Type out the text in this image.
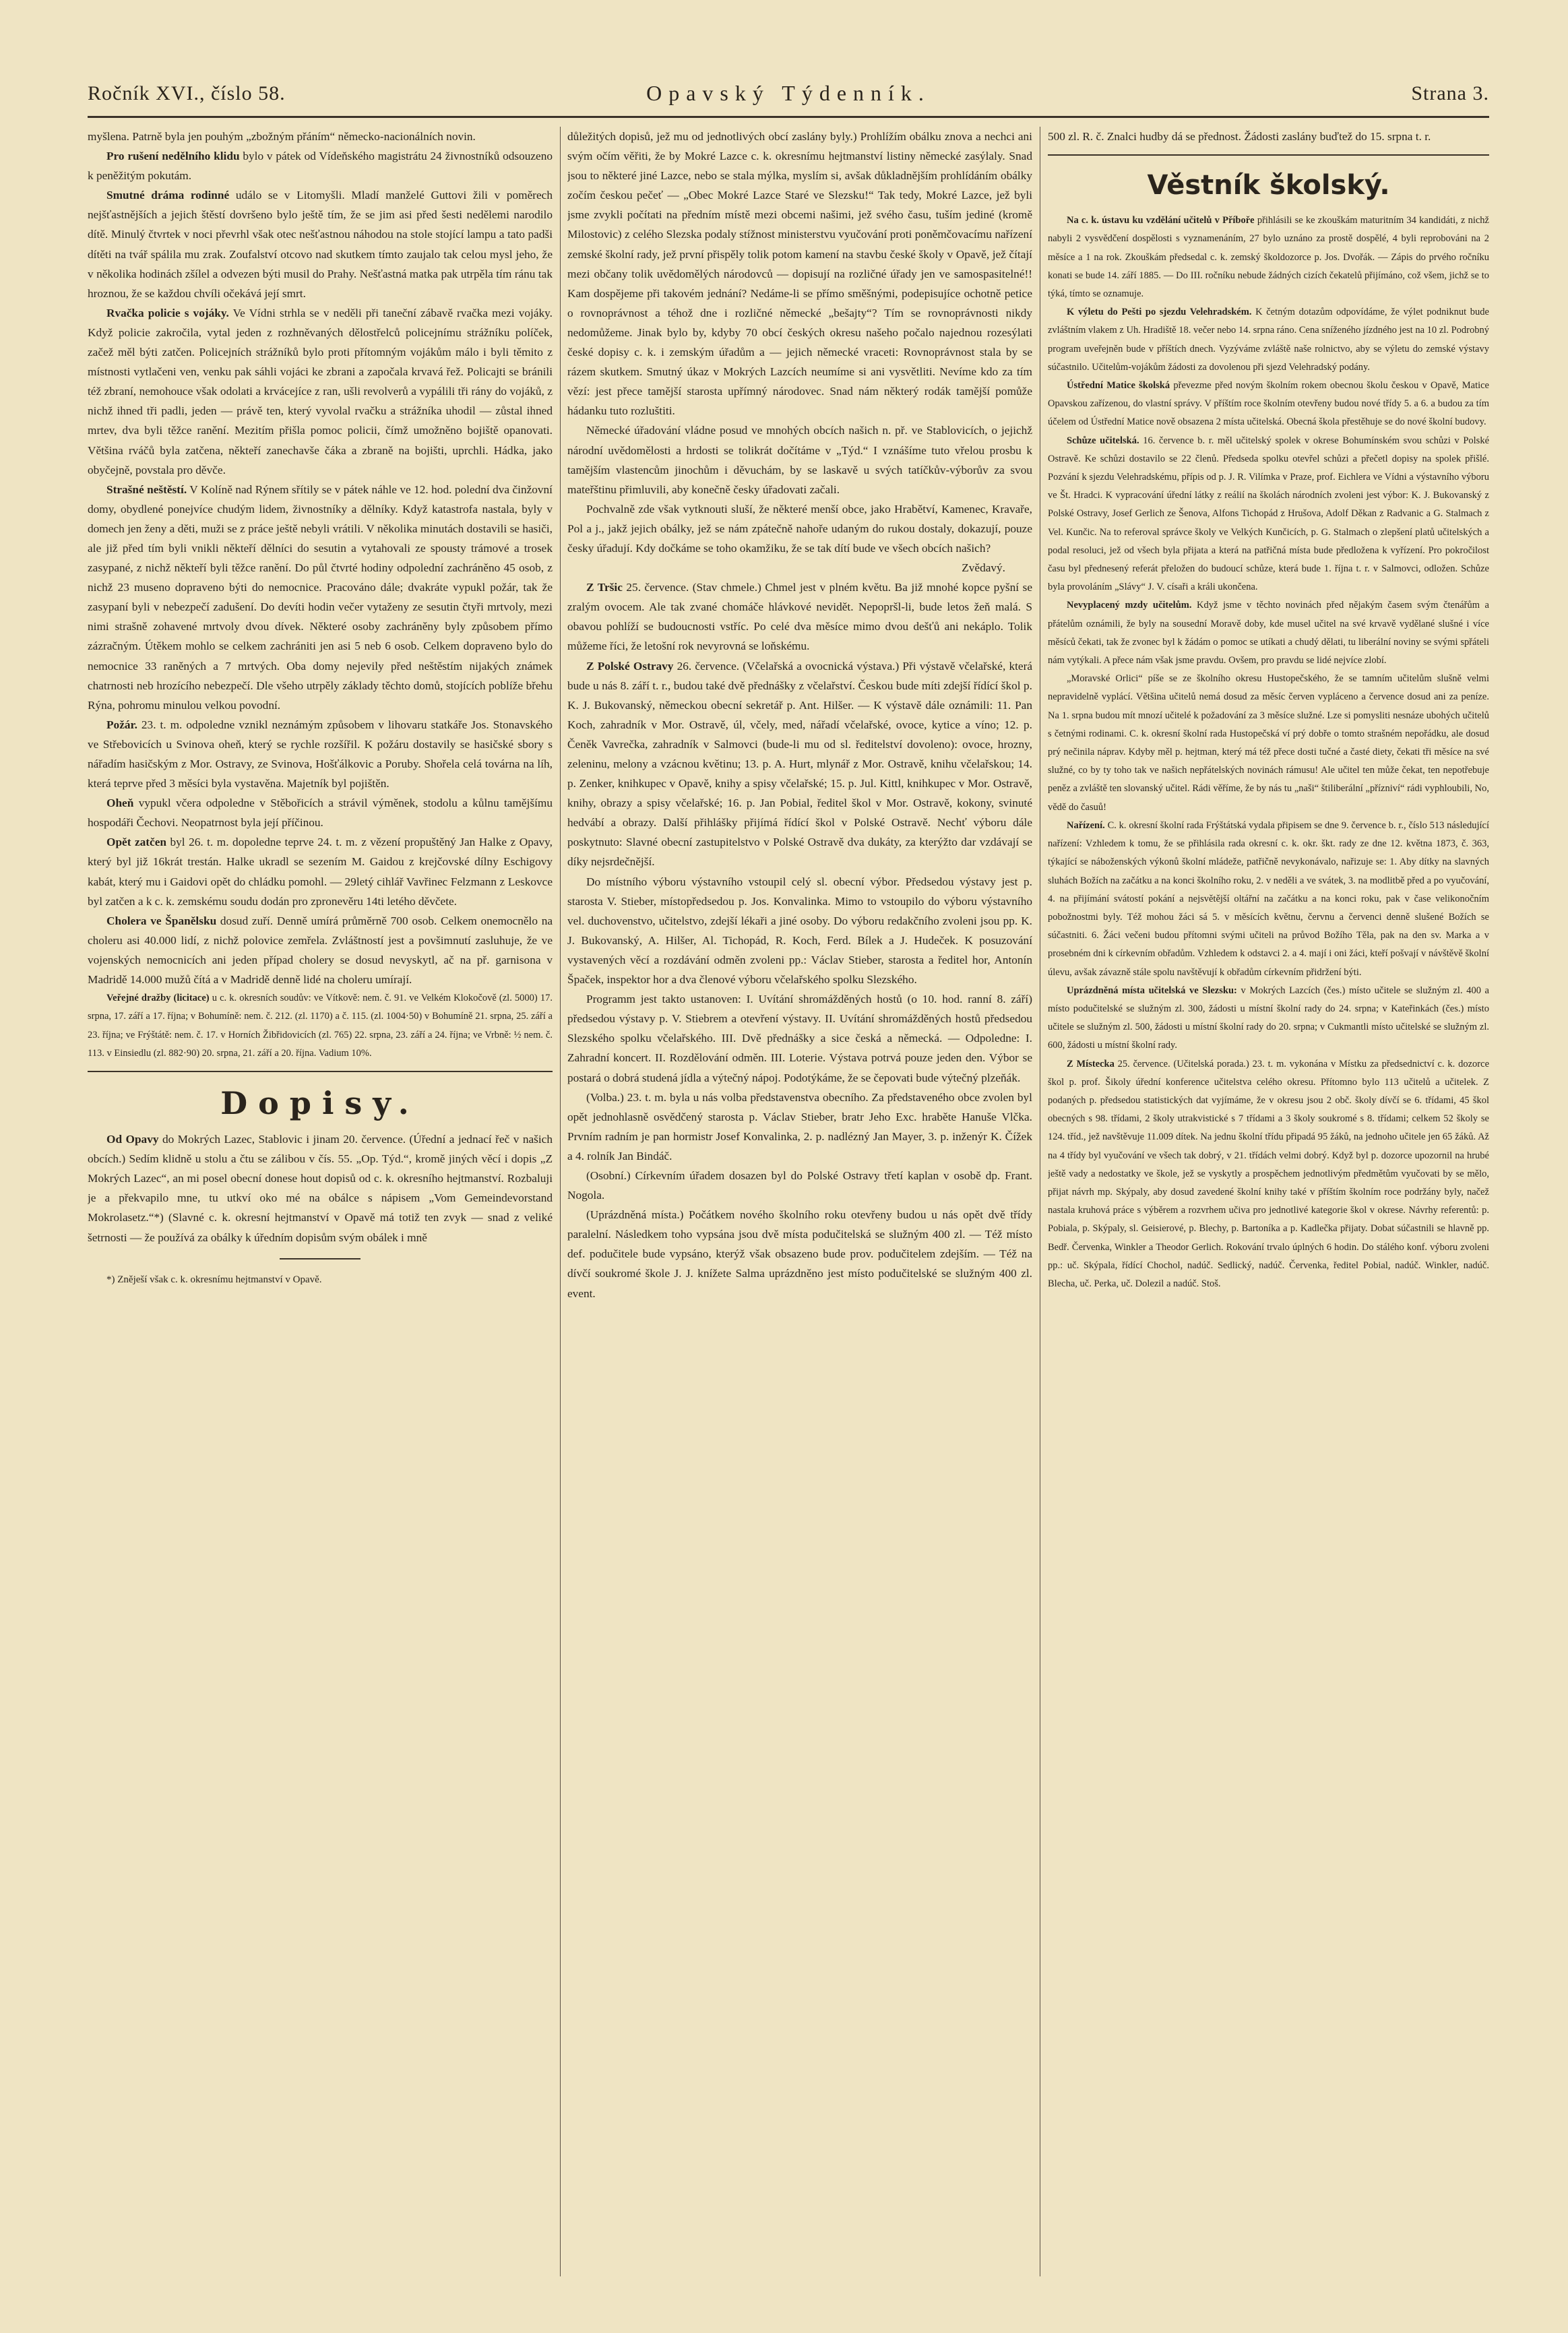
Ročník XVI., číslo 58.	Opavský Týdenník.	Strana 3.

myšlena. Patrně byla jen pouhým „zbožným přáním“ německo-nacionálních novin.

Pro rušení nedělního klidu bylo v pátek od Vídeňského magistrátu 24 živnostníků odsouzeno k peněžitým pokutám.

Smutné dráma rodinné událo se v Litomyšli. Mladí manželé Guttovi žili v poměrech nejšťastnějších a jejich štěstí dovršeno bylo ještě tím, že se jim asi před šesti nedělemi narodilo dítě. Minulý čtvrtek v noci převrhl však otec nešťastnou náhodou na stole stojící lampu a tato padši dítěti na tvář spálila mu zrak. Zoufalství otcovo nad skutkem tímto zaujalo tak celou mysl jeho, že v několika hodinách zšílel a odvezen býti musil do Prahy. Nešťastná matka pak utrpěla tím ránu tak hroznou, že se každou chvíli očekává její smrt.

Rvačka policie s vojáky. Ve Vídni strhla se v neděli při taneční zábavě rvačka mezi vojáky. Když policie zakročila, vytal jeden z rozhněvaných dělostřelců policejnímu strážníku políček, začež měl býti zatčen. Policejních strážníků bylo proti přítomným vojákům málo i byli těmito z místnosti vytlačeni ven, venku pak sáhli vojáci ke zbrani a započala krvavá řež. Policajti se bránili též zbraní, nemohouce však odolati a krvácejíce z ran, ušli revolverů a vypálili tři rány do vojáků, z nichž ihned tři padli, jeden — právě ten, který vyvolal rvačku a strážníka uhodil — zůstal ihned mrtev, dva byli těžce ranění. Mezitím přišla pomoc policii, čímž umožněno bojiště opanovati. Většina rváčů byla zatčena, někteří zanechavše čáka a zbraně na bojišti, uprchli. Hádka, jako obyčejně, povstala pro děvče.

Strašné neštěstí. V Kolíně nad Rýnem sřítily se v pátek náhle ve 12. hod. polední dva činžovní domy, obydlené ponejvíce chudým lidem, živnostníky a dělníky. Když katastrofa nastala, byly v domech jen ženy a děti, muži se z práce ještě nebyli vrátili. V několika minutách dostavili se hasiči, ale již před tím byli vnikli někteří dělníci do sesutin a vytahovali ze spousty trámové a trosek zasypané, z nichž někteří byli těžce ranění. Do půl čtvrté hodiny odpolední zachráněno 45 osob, z nichž 23 museno dopraveno býti do nemocnice. Pracováno dále; dvakráte vypukl požár, tak že zasypaní byli v nebezpečí zadušení. Do devíti hodin večer vytaženy ze sesutin čtyři mrtvoly, mezi nimi strašně zohavené mrtvoly dvou dívek. Některé osoby zachráněny byly způsobem přímo zázračným. Útěkem mohlo se celkem zachrániti jen asi 5 neb 6 osob. Celkem dopraveno bylo do nemocnice 33 raněných a 7 mrtvých. Oba domy nejevily před neštěstím nijakých známek chatrnosti neb hrozícího nebezpečí. Dle všeho utrpěly základy těchto domů, stojících poblíže břehu Rýna, pohromu minulou velkou povodní.

Požár. 23. t. m. odpoledne vznikl neznámým způsobem v lihovaru statkáře Jos. Stonavského ve Střebovicích u Svinova oheň, který se rychle rozšířil. K požáru dostavily se hasičské sbory s nářadím hasičským z Mor. Ostravy, ze Svinova, Hošťálkovic a Poruby. Shořela celá továrna na líh, která teprve před 3 měsíci byla vystavěna. Majetník byl pojištěn.

Oheň vypukl včera odpoledne v Stěbořicích a strávil výměnek, stodolu a kůlnu tamějšímu hospodáři Čechovi. Neopatrnost byla její příčinou.

Opět zatčen byl 26. t. m. dopoledne teprve 24. t. m. z vězení propuštěný Jan Halke z Opavy, který byl již 16krát trestán. Halke ukradl se sezením M. Gaidou z krejčovské dílny Eschigovy kabát, který mu i Gaidovi opět do chládku pomohl. — 29letý cihlář Vavřinec Felzmann z Leskovce byl zatčen a k c. k. zemskému soudu dodán pro zpronevěru 14ti letého děvčete.

Cholera ve Španělsku dosud zuří. Denně umírá průměrně 700 osob. Celkem onemocnělo na choleru asi 40.000 lidí, z nichž polovice zemřela. Zvláštností jest a povšimnutí zasluhuje, že ve vojenských nemocnicích ani jeden případ cholery se dosud nevyskytl, ač na př. garnisona v Madridě 14.000 mužů čítá a v Madridě denně lidé na choleru umírají.

Veřejné dražby (licitace) u c. k. okresních soudův: ve Vítkově: nem. č. 91. ve Velkém Klokočově (zl. 5000) 17. srpna, 17. září a 17. října; v Bohumíně: nem. č. 212. (zl. 1170) a č. 115. (zl. 1004·50) v Bohumíně 21. srpna, 25. září a 23. října; ve Frýštátě: nem. č. 17. v Horních Žibřidovicích (zl. 765) 22. srpna, 23. září a 24. října; ve Vrbně: ½ nem. č. 113. v Einsiedlu (zl. 882·90) 20. srpna, 21. září a 20. října. Vadium 10%.

Dopisy.

Od Opavy do Mokrých Lazec, Stablovic i jinam 20. července. (Úřední a jednací řeč v našich obcích.) Sedím klidně u stolu a čtu se zálibou v čís. 55. „Op. Týd.“, kromě jiných věcí i dopis „Z Mokrých Lazec“, an mi posel obecní donese hout dopisů od c. k. okresního hejtmanství. Rozbaluji je a překvapilo mne, tu utkví oko mé na obálce s nápisem „Vom Gemeindevorstand Mokrolasetz.“*) (Slavné c. k. okresní hejtmanství v Opavě má totiž ten zvyk — snad z veliké šetrnosti — že používá za obálky k úředním dopisům svým obálek i mně

*) Zněješí však c. k. okresnímu hejtmanství v Opavě.

důležitých dopisů, jež mu od jednotlivých obcí zaslány byly.) Prohlížím obálku znova a nechci ani svým očím věřiti, že by Mokré Lazce c. k. okresnímu hejtmanství listiny německé zasýlaly. Snad jsou to některé jiné Lazce, nebo se stala mýlka, myslím si, avšak důkladnějším prohlídáním obálky zočím českou pečeť — „Obec Mokré Lazce Staré ve Slezsku!“ Tak tedy, Mokré Lazce, jež byli jsme zvykli počítati na předním místě mezi obcemi našimi, jež svého času, tuším jediné (kromě Milostovic) z celého Slezska podaly stížnost ministerstvu vyučování proti poněmčovacímu nařízení zemské školní rady, jež první přispěly tolik potom kamení na stavbu české školy v Opavě, jež čítají mezi občany tolik uvědomělých národovců — dopisují na rozličné úřady jen ve samospasitelné!! Kam dospějeme při takovém jednání? Nedáme-li se přímo směšnými, podepisujíce ochotně petice o rovnoprávnost a téhož dne i rozličné německé „bešajty“? Tím se rovnoprávnosti nikdy nedomůžeme. Jinak bylo by, kdyby 70 obcí českých okresu našeho počalo najednou rozesýlati české dopisy c. k. i zemským úřadům a — jejich německé vraceti: Rovnoprávnost stala by se rázem skutkem. Smutný úkaz v Mokrých Lazcích neumíme si ani vysvětliti. Nevíme kdo za tím vězí: jest přece tamější starosta upřímný národovec. Snad nám některý rodák tamější pomůže hádanku tuto rozluštiti.

Německé úřadování vládne posud ve mnohých obcích našich n. př. ve Stablovicích, o jejichž národní uvědomělosti a hrdosti se tolikrát dočítáme v „Týd.“ I vznášíme tuto vřelou prosbu k tamějším vlastencům jinochům i děvuchám, by se laskavě u svých tatíčkův-výborův za svou mateřštinu přimluvili, aby konečně česky úřadovati začali.

Pochvalně zde však vytknouti sluší, že některé menší obce, jako Hrabětví, Kamenec, Kravaře, Pol a j., jakž jejich obálky, jež se nám zpátečně nahoře udaným do rukou dostaly, dokazují, pouze česky úřadují. Kdy dočkáme se toho okamžiku, že se tak dítí bude ve všech obcích našich?

Zvědavý.

Z Tršic 25. července. (Stav chmele.) Chmel jest v plném květu. Ba již mnohé kopce pyšní se zralým ovocem. Ale tak zvané chomáče hlávkové nevidět. Nepopršl-li, bude letos žeň malá. S obavou pohlíží se budoucnosti vstříc. Po celé dva měsíce mimo dvou dešťů ani nekáplo. Tolik můžeme říci, že letošní rok nevyrovná se loňskému.

Z Polské Ostravy 26. července. (Včelařská a ovocnická výstava.) Při výstavě včelařské, která bude u nás 8. září t. r., budou také dvě přednášky z včelařství. Českou bude míti zdejší řídící škol p. K. J. Bukovanský, německou obecní sekretář p. Ant. Hilšer. — K výstavě dále oznámili: 11. Pan Koch, zahradník v Mor. Ostravě, úl, včely, med, nářadí včelařské, ovoce, kytice a víno; 12. p. Čeněk Vavrečka, zahradník v Salmovci (bude-li mu od sl. ředitelství dovoleno): ovoce, hrozny, zeleninu, melony a vzácnou květinu; 13. p. A. Hurt, mlynář z Mor. Ostravě, knihu včelařskou; 14. p. Zenker, knihkupec v Opavě, knihy a spisy včelařské; 15. p. Jul. Kittl, knihkupec v Mor. Ostravě, knihy, obrazy a spisy včelařské; 16. p. Jan Pobial, ředitel škol v Mor. Ostravě, kokony, svinuté hedvábí a obrazy. Další přihlášky přijímá řídící škol v Polské Ostravě. Nechť výboru dále poskytnuto: Slavné obecní zastupitelstvo v Polské Ostravě dva dukáty, za kterýžto dar vzdávají se díky nejsrdečnější.

Do místního výboru výstavního vstoupil celý sl. obecní výbor. Předsedou výstavy jest p. starosta V. Stieber, místopředsedou p. Jos. Konvalinka. Mimo to vstoupilo do výboru výstavního vel. duchovenstvo, učitelstvo, zdejší lékaři a jiné osoby. Do výboru redakčního zvoleni jsou pp. K. J. Bukovanský, A. Hilšer, Al. Tichopád, R. Koch, Ferd. Bílek a J. Hudeček. K posuzování vystavených věcí a rozdávání odměn zvoleni pp.: Václav Stieber, starosta a ředitel hor, Antonín Špaček, inspektor hor a dva členové výboru včelařského spolku Slezského.

Programm jest takto ustanoven: I. Uvítání shromážděných hostů (o 10. hod. ranní 8. září) předsedou výstavy p. V. Stiebrem a otevření výstavy. II. Uvítání shromážděných hostů předsedou Slezského spolku včelařského. III. Dvě přednášky a sice česká a německá. — Odpoledne: I. Zahradní koncert. II. Rozdělování odměn. III. Loterie. Výstava potrvá pouze jeden den. Výbor se postará o dobrá studená jídla a výtečný nápoj. Podotýkáme, že se čepovati bude výtečný plzeňák.

(Volba.) 23. t. m. byla u nás volba představenstva obecního. Za představeného obce zvolen byl opět jednohlasně osvědčený starosta p. Václav Stieber, bratr Jeho Exc. hraběte Hanuše Vlčka. Prvním radním je pan hormistr Josef Konvalinka, 2. p. nadlézný Jan Mayer, 3. p. inženýr K. Čížek a 4. rolník Jan Bindáč.

(Osobní.) Církevním úřadem dosazen byl do Polské Ostravy třetí kaplan v osobě dp. Frant. Nogola.

(Uprázdněná místa.) Počátkem nového školního roku otevřeny budou u nás opět dvě třídy paralelní. Následkem toho vypsána jsou dvě místa podučitelská se služným 400 zl. — Též místo def. podučitele bude vypsáno, kterýž však obsazeno bude prov. podučitelem zdejším. — Též na dívčí soukromé škole J. J. knížete Salma uprázdněno jest místo podučitelské se služným 400 zl. event.

500 zl. R. č. Znalci hudby dá se přednost. Žádosti zaslány buďtež do 15. srpna t. r.

Věstník školský.

Na c. k. ústavu ku vzdělání učitelů v Příboře přihlásili se ke zkouškám maturitním 34 kandidáti, z nichž nabyli 2 vysvědčení dospělosti s vyznamenáním, 27 bylo uznáno za prostě dospělé, 4 byli reprobováni na 2 měsíce a 1 na rok. Zkouškám předsedal c. k. zemský školdozorce p. Jos. Dvořák. — Zápis do prvého ročníku konati se bude 14. září 1885. — Do III. ročníku nebude žádných cizích čekatelů přijímáno, což všem, jichž se to týká, tímto se oznamuje.

K výletu do Pešti po sjezdu Velehradském. K četným dotazům odpovídáme, že výlet podniknut bude zvláštním vlakem z Uh. Hradiště 18. večer nebo 14. srpna ráno. Cena sníženého jízdného jest na 10 zl. Podrobný program uveřejněn bude v příštích dnech. Vyzýváme zvláště naše rolnictvo, aby se výletu do zemské výstavy súčastnilo. Učitelům-vojákům žádosti za dovolenou při sjezd Velehradský podány.

Ústřední Matice školská převezme před novým školním rokem obecnou školu českou v Opavě, Matice Opavskou zařízenou, do vlastní správy. V příštím roce školním otevřeny budou nové třídy 5. a 6. a budou za tím účelem od Ústřední Matice nově obsazena 2 místa učitelská. Obecná škola přestěhuje se do nové školní budovy.

Schůze učitelská. 16. července b. r. měl učitelský spolek v okrese Bohumínském svou schůzi v Polské Ostravě. Ke schůzi dostavilo se 22 členů. Předseda spolku otevřel schůzi a přečetl dopisy na spolek přišlé. Pozvání k sjezdu Velehradskému, přípis od p. J. R. Vilímka v Praze, prof. Eichlera ve Vídni a výstavního výboru ve Št. Hradci. K vypracování úřední látky z reálií na školách národních zvoleni jest výbor: K. J. Bukovanský z Polské Ostravy, Josef Gerlich ze Šenova, Alfons Tichopád z Hrušova, Adolf Děkan z Radvanic a G. Stalmach z Vel. Kunčic. Na to referoval správce školy ve Velkých Kunčicích, p. G. Stalmach o zlepšení platů učitelských a podal resoluci, jež od všech byla přijata a která na patřičná místa bude předložena k vyřízení. Pro pokročilost času byl přednesený referát přeložen do budoucí schůze, která bude 1. října t. r. v Salmovci, odložen. Schůze byla provoláním „Slávy“ J. V. císaři a králi ukončena.

Nevyplacený mzdy učitelům. Když jsme v těchto novinách před nějakým časem svým čtenářům a přátelům oznámili, že byly na sousední Moravě doby, kde musel učitel na své krvavě vydělané slušné i více měsíců čekati, tak že zvonec byl k žádám o pomoc se utíkati a chudý dělati, tu liberální noviny se svými spřáteli nám vytýkali. A přece nám však jsme pravdu. Ovšem, pro pravdu se lidé nejvíce zlobí.

„Moravské Orlici“ píše se ze školního okresu Hustopečského, že se tamním učitelům slušně velmi nepravidelně vyplácí. Většina učitelů nemá dosud za měsíc červen vypláceno a července dosud ani za peníze. Na 1. srpna budou mít mnozí učitelé k požadování za 3 měsíce služné. Lze si pomysliti nesnáze ubohých učitelů s četnými rodinami. C. k. okresní školní rada Hustopečská ví prý dobře o tomto strašném nepořádku, ale dosud prý nečinila náprav. Kdyby měl p. hejtman, který má též přece dosti tučné a časté diety, čekati tři měsíce na své služné, co by ty toho tak ve našich nepřátelských novinách rámusu! Ale učitel ten může čekat, ten nepotřebuje peněz a zvláště ten slovanský učitel. Rádi věříme, že by nás tu „naši“ štiliberální „přízniví“ rádi vyphloubili, No, vědě do časuů!

Nařízení. C. k. okresní školní rada Frýštátská vydala připisem se dne 9. července b. r., číslo 513 následující nařízení: Vzhledem k tomu, že se přihlásila rada okresní c. k. okr. škt. rady ze dne 12. května 1873, č. 363, týkající se náboženských výkonů školní mládeže, patřičně nevykonávalo, nařizuje se: 1. Aby dítky na slavných sluhách Božích na začátku a na konci školního roku, 2. v neděli a ve svátek, 3. na modlitbě před a po vyučování, 4. na přijímání svátostí pokání a nejsvětější oltářní na začátku a na konci roku, pak v čase velikonočním pobožnostmi byly. Též mohou žáci sá 5. v měsících květnu, červnu a červenci denně slušené Božích se súčastniti. 6. Žáci večeni budou přítomni svými učiteli na průvod Božího Těla, pak na den sv. Marka a v prosebném dni k církevním obřadům. Vzhledem k odstavci 2. a 4. mají i oni žáci, kteří pošvají v návštěvě školní úlevu, avšak závazně stále spolu navštěvují k obřadům církevním přidržení býti.

Uprázdněná místa učitelská ve Slezsku: v Mokrých Lazcích (čes.) místo učitele se služným zl. 400 a místo podučitelské se služným zl. 300, žádosti u místní školní rady do 24. srpna; v Kateřinkách (čes.) místo učitele se služným zl. 500, žádosti u místní školní rady do 20. srpna; v Cukmantli místo učitelské se služným zl. 600, žádosti u místní školní rady.

Z Místecka 25. července. (Učitelská porada.) 23. t. m. vykonána v Místku za předsednictví c. k. dozorce škol p. prof. Šikoly úřední konference učitelstva celého okresu. Přítomno bylo 113 učitelů a učitelek. Z podaných p. předsedou statistických dat vyjímáme, že v okresu jsou 2 obč. školy dívčí se 6. třídami, 45 škol obecných s 98. třídami, 2 školy utrakvistické s 7 třídami a 3 školy soukromé s 8. třídami; celkem 52 školy se 124. tříd., jež navštěvuje 11.009 dítek. Na jednu školní třídu připadá 95 žáků, na jednoho učitele jen 65 žáků. Až na 4 třídy byl vyučování ve všech tak dobrý, v 21. třídách velmi dobrý. Když byl p. dozorce upozornil na hrubé ještě vady a nedostatky ve škole, jež se vyskytly a prospěchem jednotlivým předmětům vyučovati by se mělo, přijat návrh mp. Skýpaly, aby dosud zavedené školní knihy také v příštím školním roce podržány byly, načež nastala kruhová práce s výběrem a rozvrhem učiva pro jednotlivé kategorie škol v okrese. Návrhy referentů: p. Pobiala, p. Skýpaly, sl. Geisierové, p. Blechy, p. Bartoníka a p. Kadlečka přijaty. Dobat súčastnili se hlavně pp. Bedř. Červenka, Winkler a Theodor Gerlich. Rokování trvalo úplných 6 hodin. Do stálého konf. výboru zvoleni pp.: uč. Skýpala, řídící Chochol, nadúč. Sedlický, nadúč. Červenka, ředitel Pobial, nadúč. Winkler, nadúč. Blecha, uč. Perka, uč. Dolezil a nadúč. Stoš.
